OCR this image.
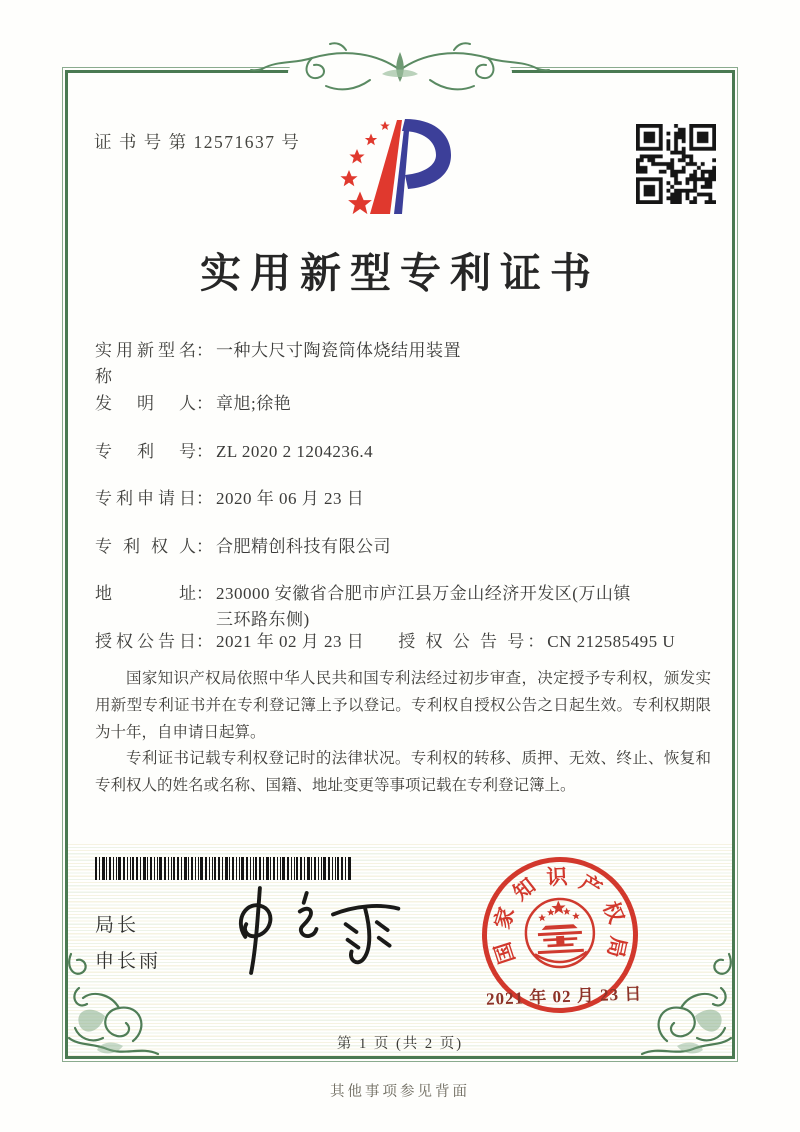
证 书 号 第 12571637 号
实用新型专利证书
实用新型名称
： 一种大尺寸陶瓷筒体烧结用装置
发明人 ： 章旭;徐艳
专利号 ： ZL 2020 2 1204236.4
专利申请日 ： 2020 年 06 月 23 日
专利权人 ： 合肥精创科技有限公司
地址 ： 230000 安徽省合肥市庐江县万金山经济开发区(万山镇三环路东侧)
授权公告日 ： 2021 年 02 月 23 日 授 权 公 告 号 ： CN 212585495 U

国家知识产权局依照中华人民共和国专利法经过初步审查，决定授予专利权，颁发实用新型专利证书并在专利登记簿上予以登记。专利权自授权公告之日起生效。专利权期限为十年，自申请日起算。

专利证书记载专利权登记时的法律状况。专利权的转移、质押、无效、终止、恢复和专利权人的姓名或名称、国籍、地址变更等事项记载在专利登记簿上。

局长
申长雨	国
家
知 识 产
权
局
2021 年 02 月 23 日
第 1 页 (共 2 页)
其他事项参见背面
